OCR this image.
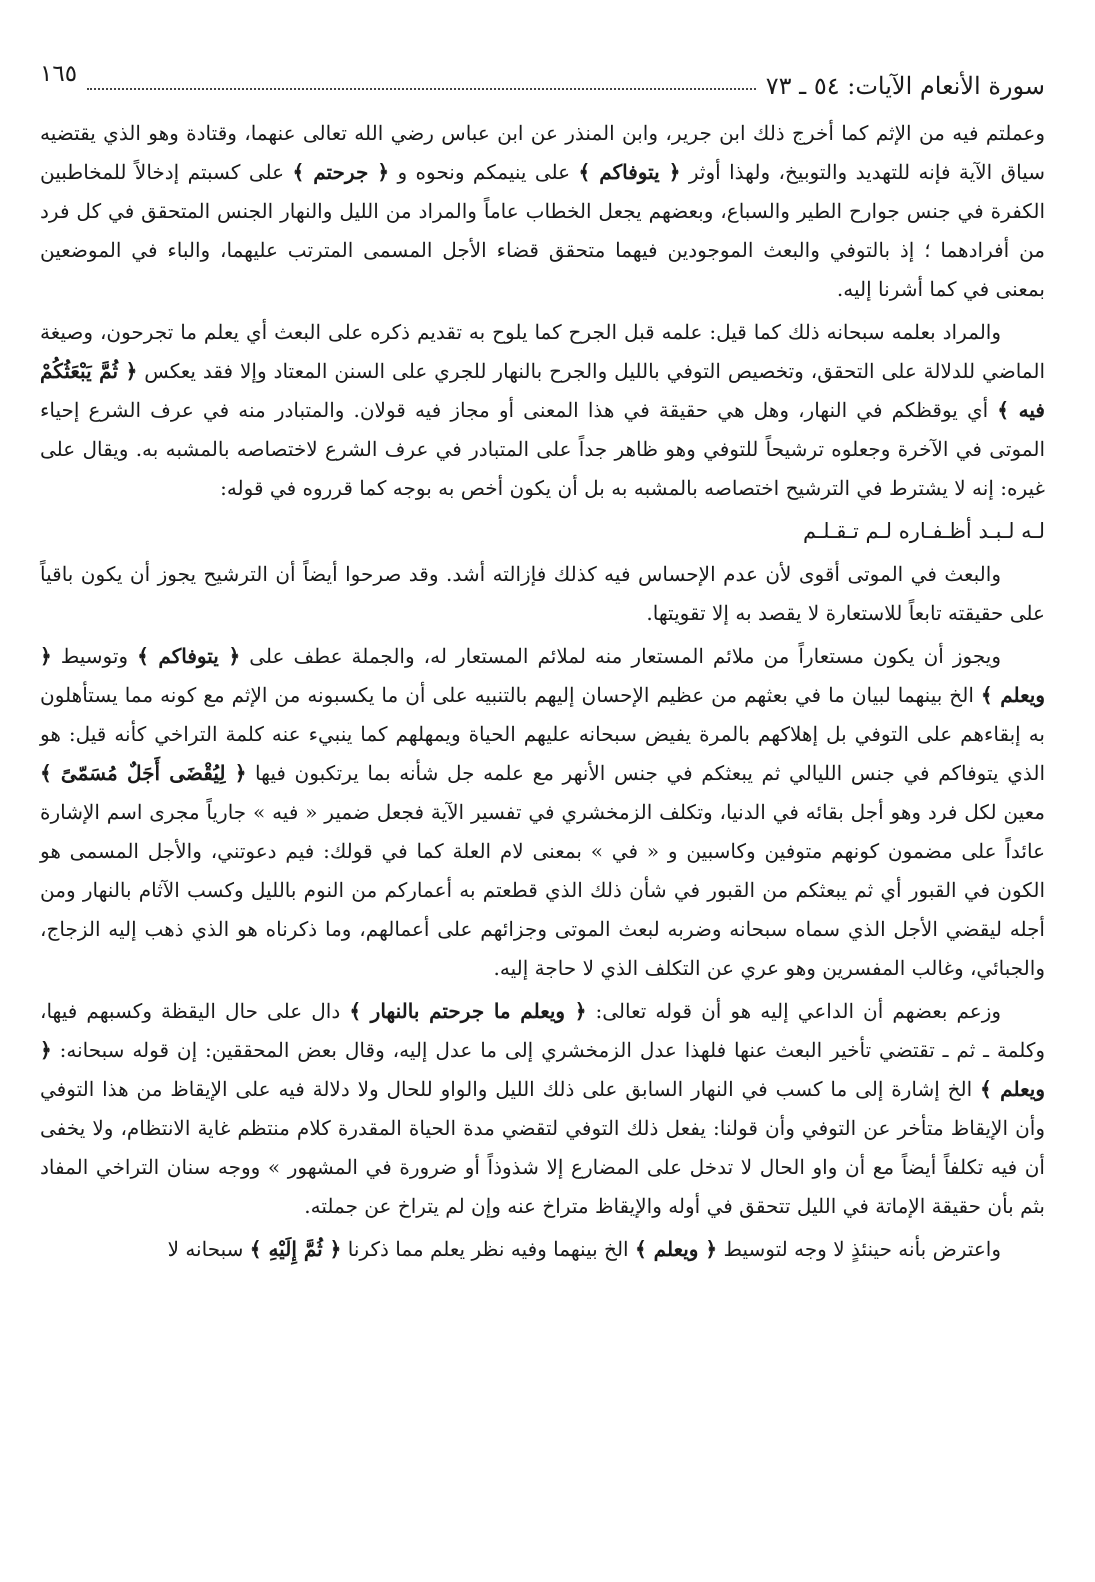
سورة الأنعام الآيات: ٥٤ ـ ٧٣
١٦٥

وعملتم فيه من الإثم كما أخرج ذلك ابن جرير، وابن المنذر عن ابن عباس رضي الله تعالى عنهما، وقتادة وهو الذي يقتضيه سياق الآية فإنه للتهديد والتوبيخ، ولهذا أوثر ﴿ يتوفاكم ﴾ على ينيمكم ونحوه و ﴿ جرحتم ﴾ على كسبتم إدخالاً للمخاطبين الكفرة في جنس جوارح الطير والسباع، وبعضهم يجعل الخطاب عاماً والمراد من الليل والنهار الجنس المتحقق في كل فرد من أفرادهما ؛ إذ بالتوفي والبعث الموجودين فيهما متحقق قضاء الأجل المسمى المترتب عليهما، والباء في الموضعين بمعنى في كما أشرنا إليه.

والمراد بعلمه سبحانه ذلك كما قيل: علمه قبل الجرح كما يلوح به تقديم ذكره على البعث أي يعلم ما تجرحون، وصيغة الماضي للدلالة على التحقق، وتخصيص التوفي بالليل والجرح بالنهار للجري على السنن المعتاد وإلا فقد يعكس ﴿ ثُمَّ يَبْعَثُكُمْ فيه ﴾ أي يوقظكم في النهار، وهل هي حقيقة في هذا المعنى أو مجاز فيه قولان. والمتبادر منه في عرف الشرع إحياء الموتى في الآخرة وجعلوه ترشيحاً للتوفي وهو ظاهر جداً على المتبادر في عرف الشرع لاختصاصه بالمشبه به. ويقال على غيره: إنه لا يشترط في الترشيح اختصاصه بالمشبه به بل أن يكون أخص به بوجه كما قرروه في قوله:

لـه لـبـد أظـفـاره لـم تـقـلـم

والبعث في الموتى أقوى لأن عدم الإحساس فيه كذلك فإزالته أشد. وقد صرحوا أيضاً أن الترشيح يجوز أن يكون باقياً على حقيقته تابعاً للاستعارة لا يقصد به إلا تقويتها.

ويجوز أن يكون مستعاراً من ملائم المستعار منه لملائم المستعار له، والجملة عطف على ﴿ يتوفاكم ﴾ وتوسيط ﴿ ويعلم ﴾ الخ بينهما لبيان ما في بعثهم من عظيم الإحسان إليهم بالتنبيه على أن ما يكسبونه من الإثم مع كونه مما يستأهلون به إبقاءهم على التوفي بل إهلاكهم بالمرة يفيض سبحانه عليهم الحياة ويمهلهم كما ينبيء عنه كلمة التراخي كأنه قيل: هو الذي يتوفاكم في جنس الليالي ثم يبعثكم في جنس الأنهر مع علمه جل شأنه بما يرتكبون فيها ﴿ لِيُقْضَى أَجَلٌ مُسَمّىً ﴾ معين لكل فرد وهو أجل بقائه في الدنيا، وتكلف الزمخشري في تفسير الآية فجعل ضمير « فيه » جارياً مجرى اسم الإشارة عائداً على مضمون كونهم متوفين وكاسبين و « في » بمعنى لام العلة كما في قولك: فيم دعوتني، والأجل المسمى هو الكون في القبور أي ثم يبعثكم من القبور في شأن ذلك الذي قطعتم به أعماركم من النوم بالليل وكسب الآثام بالنهار ومن أجله ليقضي الأجل الذي سماه سبحانه وضربه لبعث الموتى وجزائهم على أعمالهم، وما ذكرناه هو الذي ذهب إليه الزجاج، والجبائي، وغالب المفسرين وهو عري عن التكلف الذي لا حاجة إليه.

وزعم بعضهم أن الداعي إليه هو أن قوله تعالى: ﴿ ويعلم ما جرحتم بالنهار ﴾ دال على حال اليقظة وكسبهم فيها، وكلمة ـ ثم ـ تقتضي تأخير البعث عنها فلهذا عدل الزمخشري إلى ما عدل إليه، وقال بعض المحققين: إن قوله سبحانه: ﴿ ويعلم ﴾ الخ إشارة إلى ما كسب في النهار السابق على ذلك الليل والواو للحال ولا دلالة فيه على الإيقاظ من هذا التوفي وأن الإيقاظ متأخر عن التوفي وأن قولنا: يفعل ذلك التوفي لتقضي مدة الحياة المقدرة كلام منتظم غاية الانتظام، ولا يخفى أن فيه تكلفاً أيضاً مع أن واو الحال لا تدخل على المضارع إلا شذوذاً أو ضرورة في المشهور » ووجه سنان التراخي المفاد بثم بأن حقيقة الإماتة في الليل تتحقق في أوله والإيقاظ متراخ عنه وإن لم يتراخ عن جملته.

واعترض بأنه حينئذٍ لا وجه لتوسيط ﴿ ويعلم ﴾ الخ بينهما وفيه نظر يعلم مما ذكرنا ﴿ ثُمَّ إِلَيْهِ ﴾ سبحانه لا
